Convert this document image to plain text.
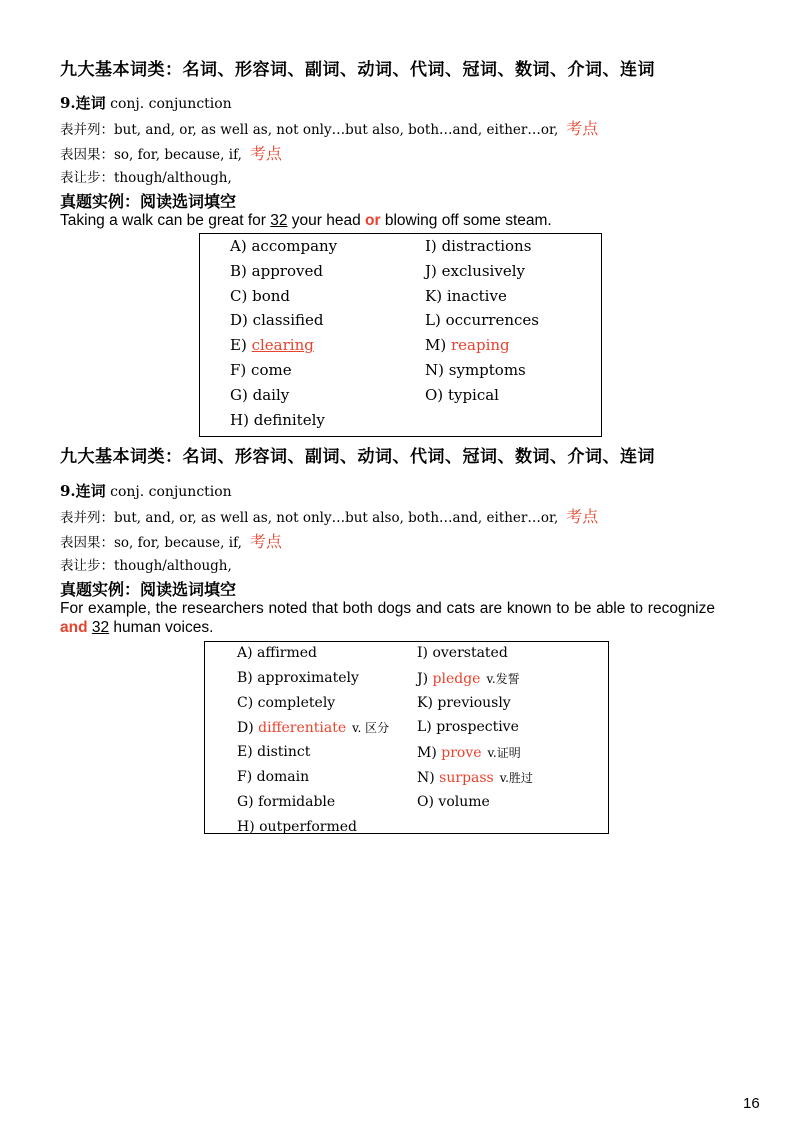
九大基本词类：名词、形容词、副词、动词、代词、冠词、数词、介词、连词
9.连词 conj. conjunction
表并列：but, and, or, as well as, not only…but also, both…and, either…or, 考点
表因果：so, for, because, if, 考点
表让步：though/although,
真题实例：阅读选词填空
Taking a walk can be great for 32 your head or blowing off some steam.
A) accompany
B) approved
C) bond
D) classified
E) clearing
F) come
G) daily
H) definitely
I) distractions
J) exclusively
K) inactive
L) occurrences
M) reaping
N) symptoms
O) typical
九大基本词类：名词、形容词、副词、动词、代词、冠词、数词、介词、连词
9.连词 conj. conjunction
表并列：but, and, or, as well as, not only…but also, both…and, either…or, 考点
表因果：so, for, because, if, 考点
表让步：though/although,
真题实例：阅读选词填空
For example, the researchers noted that both dogs and cats are known to be able to recognize and 32 human voices.
A) affirmed
B) approximately
C) completely
D) differentiate v. 区分
E) distinct
F) domain
G) formidable
H) outperformed
I) overstated
J) pledge v.发誓
K) previously
L) prospective
M) prove v.证明
N) surpass v.胜过
O) volume
16
